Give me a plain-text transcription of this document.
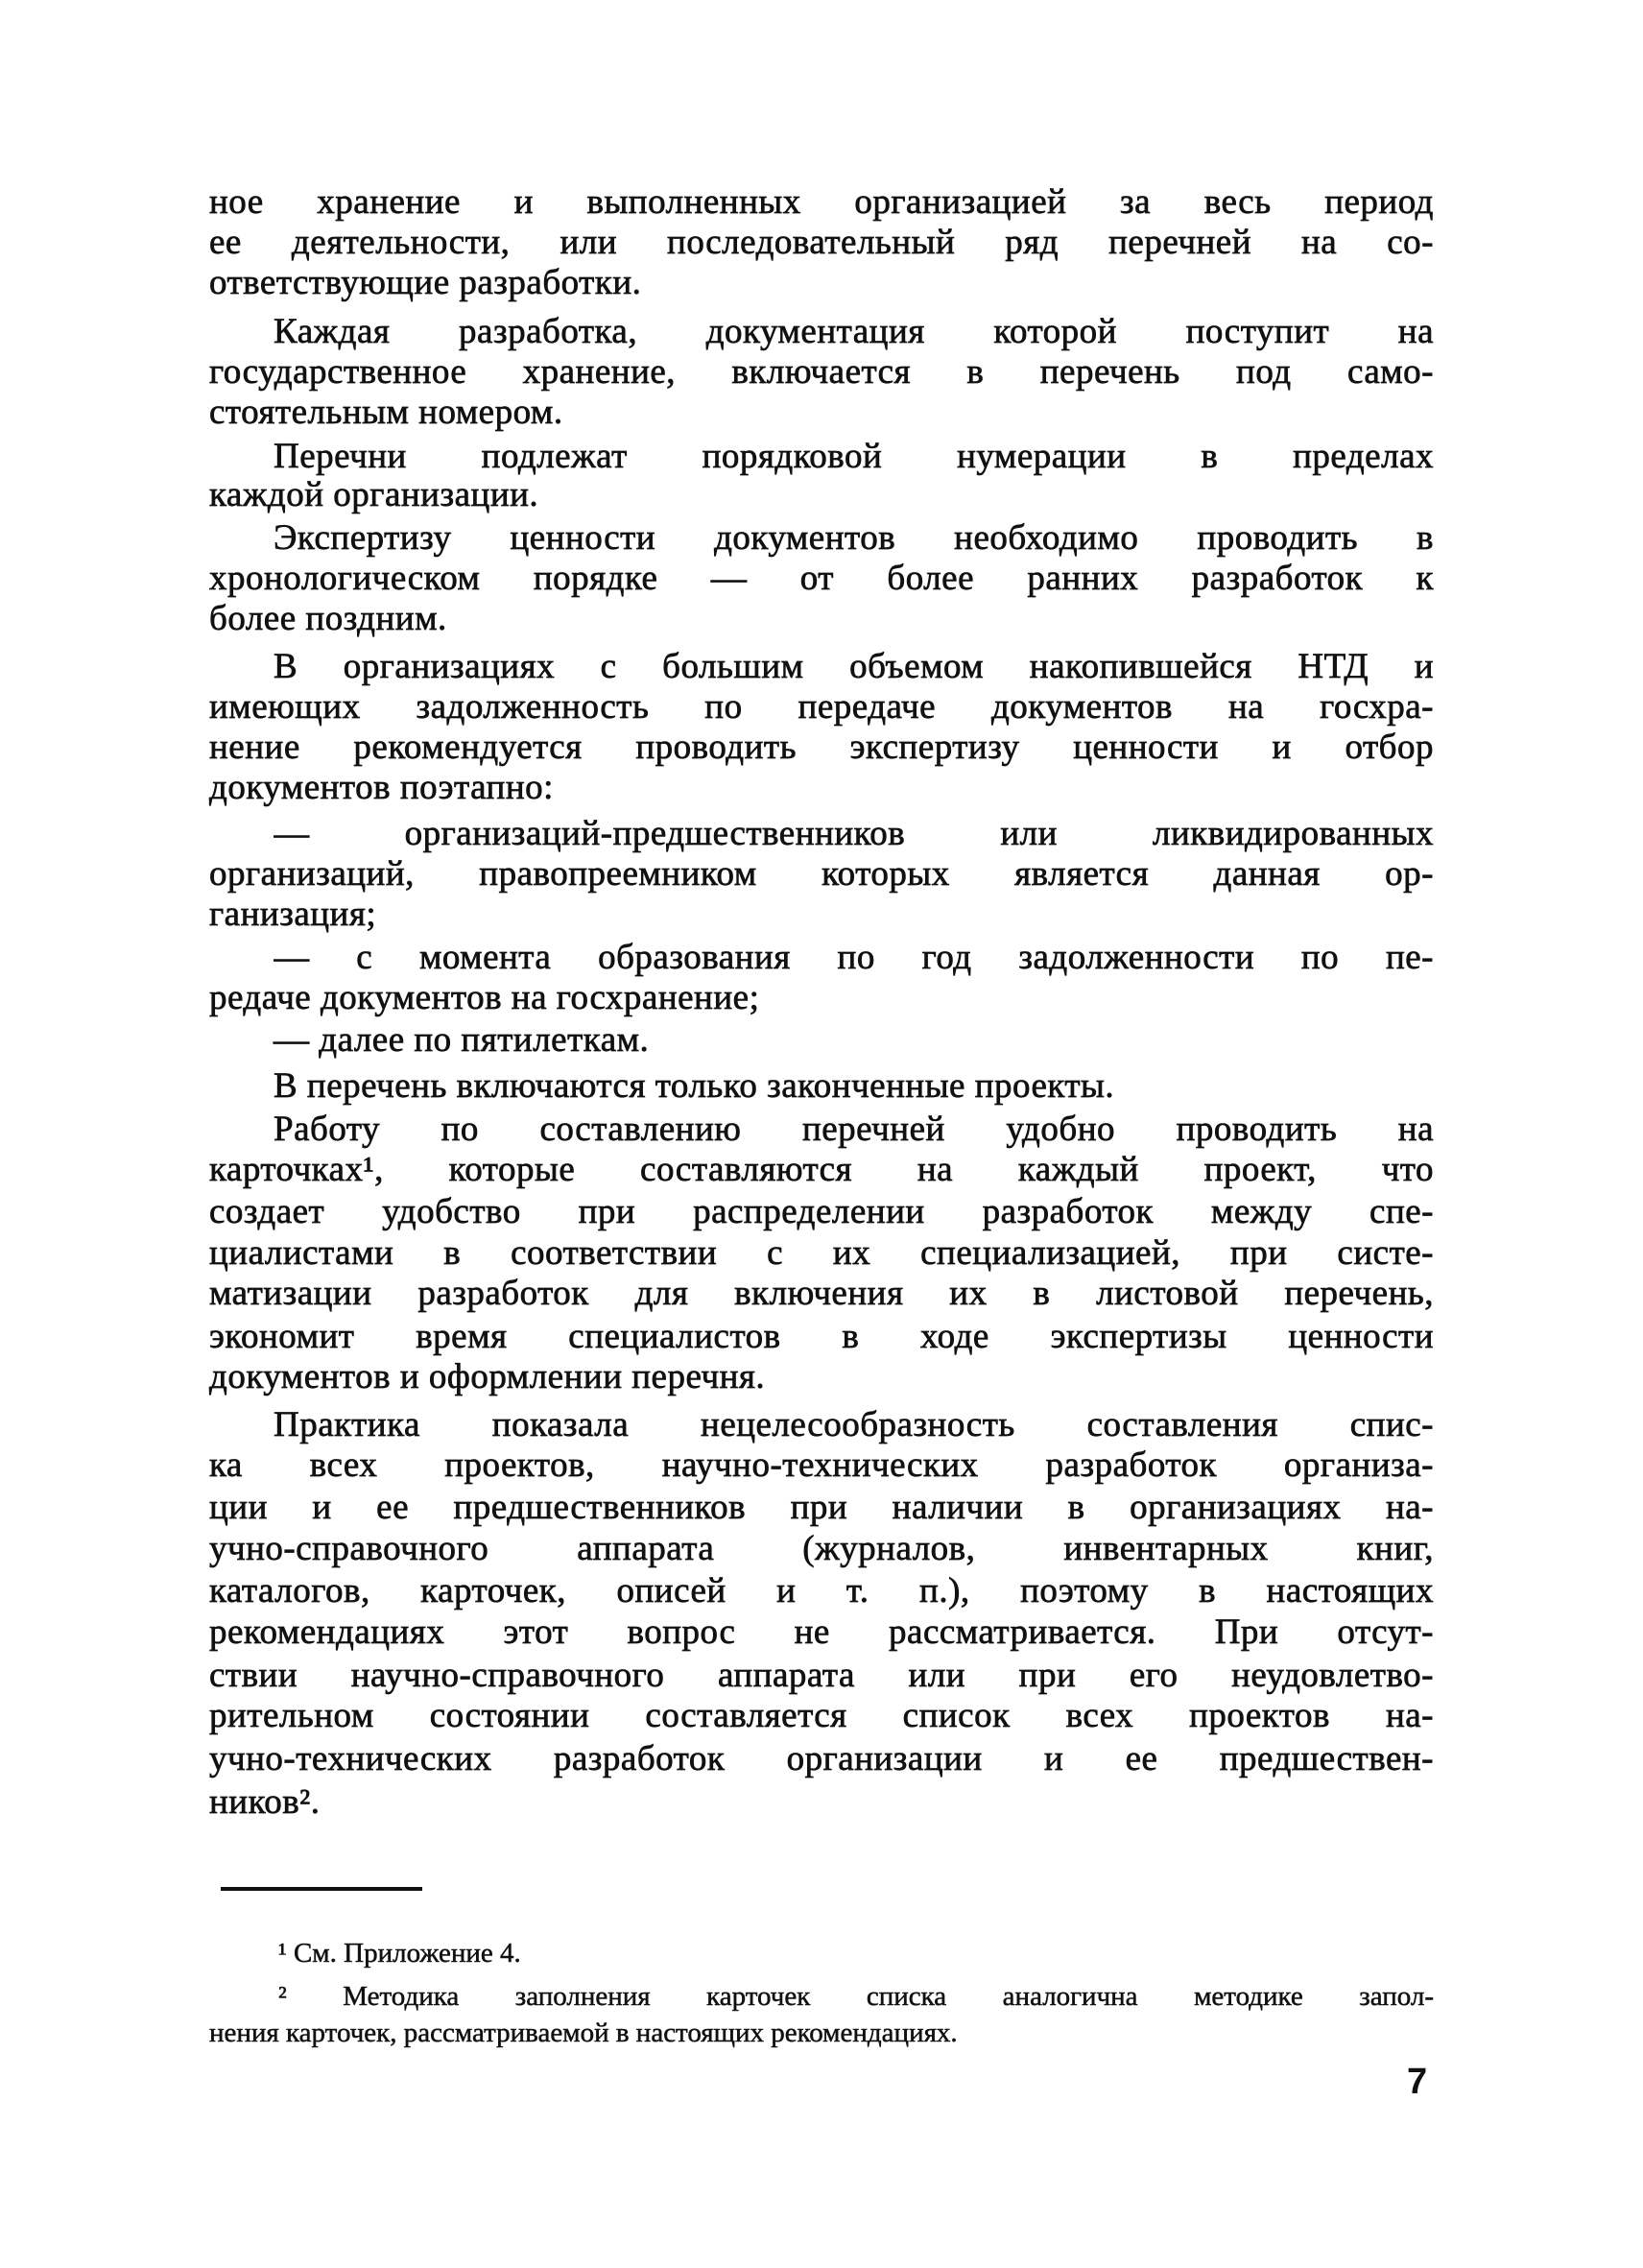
ное хранение и выполненных организацией за весь период
ее деятельности, или последовательный ряд перечней на со-
ответствующие разработки.
Каждая разработка, документация которой поступит на
государственное хранение, включается в перечень под само-
стоятельным номером.
Перечни подлежат порядковой нумерации в пределах
каждой организации.
Экспертизу ценности документов необходимо проводить в
хронологическом порядке — от более ранних разработок к
более поздним.
В организациях с большим объемом накопившейся НТД и
имеющих задолженность по передаче документов на госхра-
нение рекомендуется проводить экспертизу ценности и отбор
документов поэтапно:
— организаций-предшественников или ликвидированных
организаций, правопреемником которых является данная ор-
ганизация;
— с момента образования по год задолженности по пе-
редаче документов на госхранение;
— далее по пятилеткам.
В перечень включаются только законченные проекты.
Работу по составлению перечней удобно проводить на
карточках¹, которые составляются на каждый проект, что
создает удобство при распределении разработок между спе-
циалистами в соответствии с их специализацией, при систе-
матизации разработок для включения их в листовой перечень,
экономит время специалистов в ходе экспертизы ценности
документов и оформлении перечня.
Практика показала нецелесообразность составления спис-
ка всех проектов, научно-технических разработок организа-
ции и ее предшественников при наличии в организациях на-
учно-справочного аппарата (журналов, инвентарных книг,
каталогов, карточек, описей и т. п.), поэтому в настоящих
рекомендациях этот вопрос не рассматривается. При отсут-
ствии научно-справочного аппарата или при его неудовлетво-
рительном состоянии составляется список всех проектов на-
учно-технических разработок организации и ее предшествен-
ников².
¹ См. Приложение 4.
² Методика заполнения карточек списка аналогична методике запол-
нения карточек, рассматриваемой в настоящих рекомендациях.
7
